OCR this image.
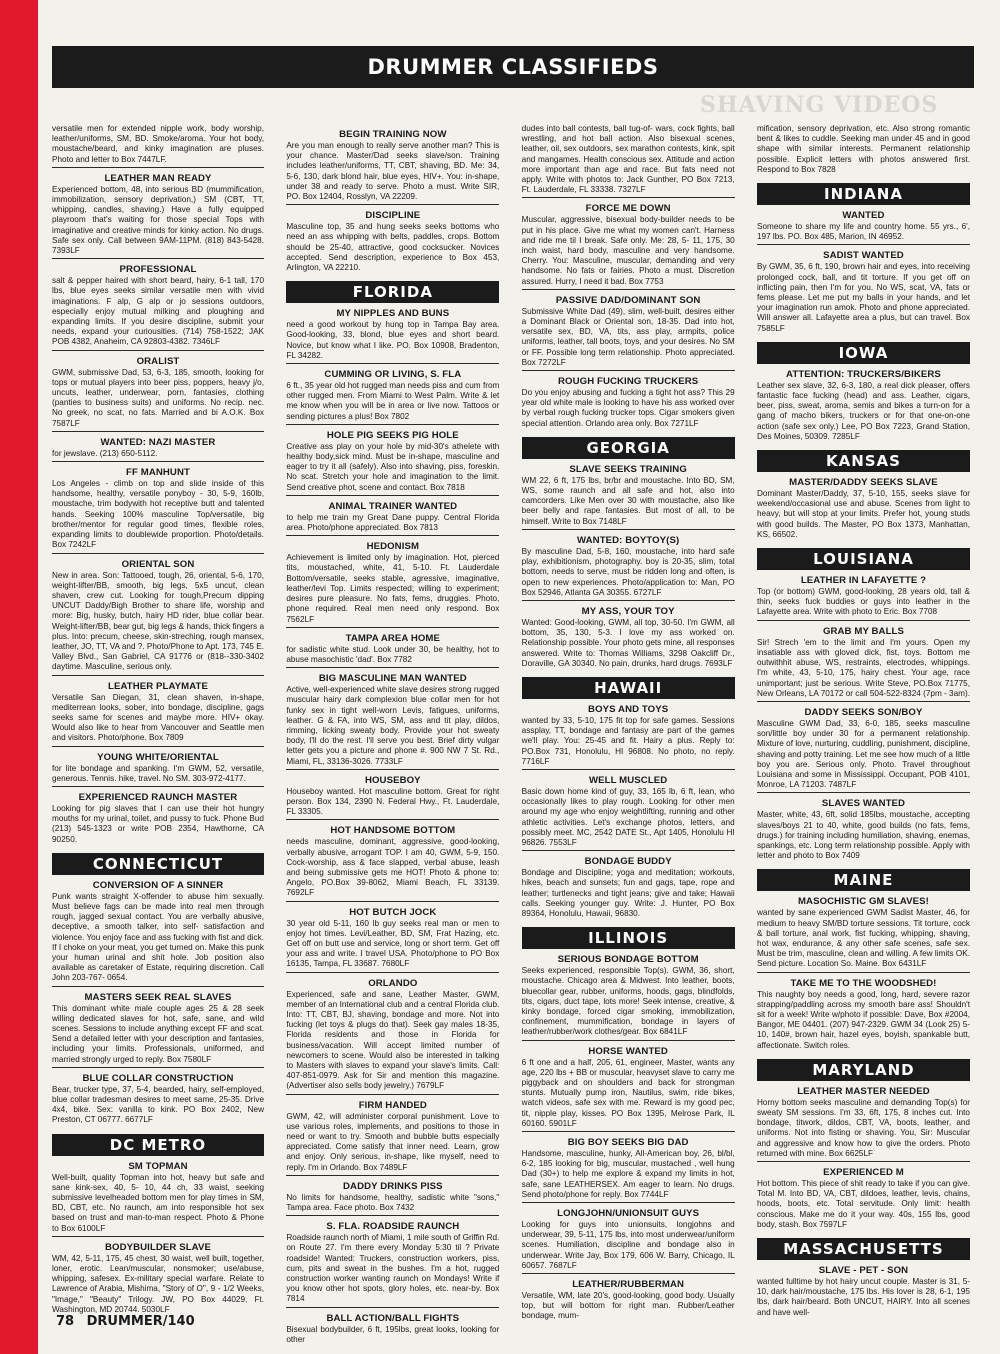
SHAVING VIDEOS
DRUMMER CLASSIFIEDS
versatile men for extended nipple work, body worship, leather/uniforms, SM, BD. Smoke/aroma. Your hot body, moustache/beard, and kinky imagination are pluses. Photo and letter to Box 7447LF.
LEATHER MAN READY
Experienced bottom, 48, into serious BD (mummification, immobilization, sensory deprivation,) SM (CBT, TT, whipping, candles, shaving.) Have a fully equipped playroom that's waiting for those special Tops with imaginative and creative minds for kinky action. No drugs. Safe sex only. Call between 9AM-11PM. (818) 843-5428. 7393LF
PROFESSIONAL
salt & pepper haired with short beard, hairy, 6-1 tall, 170 lbs, blue eyes seeks similar versatile men with vivid imaginations. F alp, G alp or jo sessions outdoors, especially enjoy mutual milking and ploughing and expanding limits. If you desire discipline, submit your needs, expand your curiousities. (714) 758-1522; JAK POB 4382, Anaheim, CA 92803-4382. 7346LF
ORALIST
GWM, submissive Dad, 53, 6-3, 185, smooth, looking for tops or mutual players into beer piss, poppers, heavy j/o, uncuts, leather, underwear, porn, fantasies, clothing (panties to business suits) and uniforms. No recip. nec. No greek, no scat, no fats. Married and bi A.O.K. Box 7587LF
WANTED: NAZI MASTER
for jewslave. (213) 650-5112.
FF MANHUNT
Los Angeles - climb on top and slide inside of this handsome, healthy, versatile ponyboy - 30, 5-9, 160lb, moustache, trim bodywith hot receptive butt and talented hands. Seeking 100% masculine Top/versatile, big brother/mentor for regular good times, flexible roles, expanding limits to doublewide proportion. Photo/details. Box 7242LF
ORIENTAL SON
New in area. Son: Tattooed, tough, 26, oriental, 5-6, 170, weight-lifter/BB, smooth, big legs, 5x5 uncut, clean shaven, crew cut. Looking for tough,Precum dipping UNCUT Daddy/Bigh Brother to share life, worship and more: Big, husky, butch, hairy HD rider, blue collar bear. Weight-lifter/BB, bear gut, big legs & hands, thick fingers a plus. Into: precum, cheese, skin-streching, rough mansex, leather, JO, TT, VA and ?. Photo/Phone to Apt. 173, 745 E. Valley Blvd., San Gabriel, CA 91776 or (818--330-3402 daytime. Masculine, serious only.
LEATHER PLAYMATE
Versatile San Diegan, 31, clean shaven, in-shape, mediterrean looks, sober, into bondage, discipline, gags seeks same for scenes and maybe more. HIV+ okay. Would also like to hear from Vancouver and Seattle men and visitors. Photo/phone. Box 7809
YOUNG WHITE/ORIENTAL
for lite bondage and spanking. I'm GWM, 52, versatile, generous. Tennis. hike, travel. No SM. 303-972-4177.
EXPERIENCED RAUNCH MASTER
Looking for pig slaves that I can use their hot hungry mouths for my urinal, toilet, and pussy to fuck. Phone Bud (213) 545-1323 or write POB 2354, Hawthorne, CA 90250.
CONNECTICUT
CONVERSION OF A SINNER
Punk wants straight X-offender to abuse him sexually. Must believe fags can be made into real men through rough, jagged sexual contact. You are verbally abusive, deceptive, a smooth talker, into self- satisfaction and violence. You enjoy face and ass fucking with fist and dick. If I choke on your meat, you get turned on. Make this punk your human urinal and shit hole. Job position also available as caretaker of Estate, requiring discretion. Call John 203-767- 0654.
MASTERS SEEK REAL SLAVES
This dominant white male couple ages 25 & 28 seek willing dedicated slaves for hot, safe, sane, and wild scenes. Sessions to include anything except FF and scat. Send a detailed letter with your description and fantasies, including your limits. Professionals, uniformed, and married strongly urged to reply. Box 7580LF
BLUE COLLAR CONSTRUCTION
Bear, trucker type, 37, 5-4, bearded, hairy, self-employed, blue collar tradesman desires to meet same, 25-35. Drive 4x4, bike. Sex: vanilla to kink. PO Box 2402, New Preston, CT 06777. 6677LF
DC METRO
SM TOPMAN
Well-built, quality Topman into hot, heavy but safe and sane kink-sex, 40, 5- 10, 44 ch, 33 waist, seeking submissive levelheaded bottom men for play times in SM, BD, CBT, etc. No raunch, am into responsible hot sex based on trust and man-to-man respect. Photo & Phone to Box 6100LF
BODYBUILDER SLAVE
WM, 42, 5-11, 175, 45 chest, 30 waist, well built, together, loner, erotic. Lean/muscular, nonsmoker; use/abuse, whipping, safesex. Ex-military special warfare. Relate to Lawrence of Arabia, Mishima, "Story of O", 9 - 1/2 Weeks, "Image," "Beauty" Trilogy. JW, PO Box 44029, Ft. Washington, MD 20744. 5030LF
BEGIN TRAINING NOW
Are you man enough to really serve another man? This is your chance. Master/Dad seeks slave/son. Training includes leather/uniforms, TT, CBT, shaving, BD. Me: 34, 5-6, 130, dark blond hair, blue eyes, HIV+. You: in-shape, under 38 and ready to serve. Photo a must. Write SIR, PO. Box 12404, Rosslyn, VA 22209.
DISCIPLINE
Masculine top, 35 and hung seeks seeks bottoms who need an ass whipping with belts, paddles, crops. Bottom should be 25-40, attractive, good cocksucker. Novices accepted. Send description, experience to Box 453, Arlington, VA 22210.
FLORIDA
MY NIPPLES AND BUNS
need a good workout by hung top in Tampa Bay area. Good-looking, 33, blond, blue eyes and short beard. Novice, but know what I like. PO. Box 10908, Bradenton, FL 34282.
CUMMING OR LIVING, S. FLA
6 ft., 35 year old hot rugged man needs piss and cum from other rugged men. From Miami to West Palm. Write & let me know when you will be in area or live now. Tattoos or sending pictures a plus! Box 7802
HOLE PIG SEEKS PIG HOLE
Creative ass play on your hole by mid-30's athelete with healthy body,sick mind. Must be in-shape, masculine and eager to try it all (safely). Also into shaving, piss, foreskin. No scat. Stretch your hole and imagination to the limit. Send creative phot, scene and contact. Box 7818
ANIMAL TRAINER WANTED
to help me train my Great Dane puppy. Central Florida area. Photo/phone appreciated. Box 7813
HEDONISM
Achievement is limited only by imagination. Hot, pierced tits, moustached, white, 41, 5-10. Ft. Lauderdale Bottom/versatile, seeks stable, agressive, imaginative, leather/levi Top. Limits respected; willing to experiment; desires pure pleasure. No fats, fems, druggies. Photo, phone required. Real men need only respond. Box 7562LF
TAMPA AREA HOME
for sadistic white stud. Look under 30, be healthy, hot to abuse masochistic 'dad'. Box 7782
BIG MASCULINE MAN WANTED
Active, well-experienced white slave desires strong rugged muscular hairy dark complexion blue collar men for hot funky sex in tight well-worn Levis, fatigues, uniforms, leather. G & FA, into WS, SM, ass and tit play, dildos, rimming, licking sweaty body. Provide your hot sweaty body, I'll do the rest. I'll serve you best. Brief dirty vulgar letter gets you a picture and phone #. 900 NW 7 St. Rd., Miami, FL, 33136-3026. 7733LF
HOUSEBOY
Houseboy wanted. Hot masculine bottom. Great for right person. Box 134, 2390 N. Federal Hwy., Ft. Lauderdale, FL 33305.
HOT HANDSOME BOTTOM
needs masculine, dominant, aggressive, good-looking, verbally abusive, arrogant TOP. I am 40, GWM, 5-9, 150. Cock-worship, ass & face slapped, verbal abuse, leash and being submissive gets me HOT! Photo & phone to: Angelo, PO.Box 39-8062, Miami Beach, FL 33139. 7692LF
HOT BUTCH JOCK
30 year old 5-11, 160 lb guy seeks real man or men to enjoy hot times. Levi/Leather, BD, SM, Frat Hazing, etc. Get off on butt use and service, long or short term. Get off your ass and write. I travel USA. Photo/phone to PO Box 16135, Tampa, FL 33687. 7680LF
ORLANDO
Experienced, safe and sane, Leather Master, GWM, member of an International club and a central Florida club. Into: TT, CBT, BJ, shaving, bondage and more. Not into fucking (let toys & plugs do that). Seek gay males 18-35, Florida residents and those in Florida for business/vacation. Will accept limited number of newcomers to scene. Would also be interested in talking to Masters with slaves to expand your slave's limits. Call: 407-851-0979. Ask for Sir and mention this magazine. (Advertiser also sells body jewelry.) 7679LF
FIRM HANDED
GWM, 42, will administer corporal punishment. Love to use various roles, implements, and positions to those in need or want to try. Smooth and bubble butts especially appreciated. Come satisfy that inner need. Learn, grow and enjoy. Only serious, in-shape, like myself, need to reply. I'm in Orlando. Box 7489LF
DADDY DRINKS PISS
No limits for handsome, healthy, sadistic white "sons," Tampa area. Face photo. Box 7432
S. FLA. ROADSIDE RAUNCH
Roadside raunch north of Miami, 1 mile south of Griffin Rd. on Route 27. I'm there every Monday 5:30 til ? Private roadside! Wanted: Truckers, construction workers, piss, cum, pits and sweat in the bushes. I'm a hot, rugged construction worker wanting raunch on Mondays! Write if you know other hot spots, glory holes, etc. near-by. Box 7814
BALL ACTION/BALL FIGHTS
Bisexual bodybuilder, 6 ft, 195lbs, great looks, looking for other
dudes into ball contests, ball tug-of- wars, cock fights, ball wrestling, and hot ball action. Also bisexual scenes, leather, oil, sex outdoors, sex marathon contests, kink, spit and mangames. Health conscious sex. Attitude and action more important than age and race. But fats need not apply. Write with photos to: Jack Gunther, PO Box 7213, Ft. Lauderdale, FL 33338. 7327LF
FORCE ME DOWN
Muscular, aggressive, bisexual body-builder needs to be put in his place. Give me what my women can't. Harness and ride me til I break. Safe only. Me: 28, 5- 11, 175, 30 inch waist, hard body, masculine and very handsome. Cherry. You: Masculine, muscular, demanding and very handsome. No fats or fairies. Photo a must. Discretion assured. Hurry, I need it bad. Box 7753
PASSIVE DAD/DOMINANT SON
Submissive White Dad (49), slim, well-built, desires either a Dominant Black or Oriental son, 18-35. Dad into hot, versatile sex, BD, VA, tits, ass play, armpits, police uniforms, leather, tall boots, toys, and your desires. No SM or FF. Possible long term relationship. Photo appreciated. Box 7272LF
ROUGH FUCKING TRUCKERS
Do you enjoy abusing and fucking a tight hot ass? This 29 year old white male is looking to have his ass worked over by verbal rough fucking trucker tops. Cigar smokers given special attention. Orlando area only. Box 7271LF
GEORGIA
SLAVE SEEKS TRAINING
WM 22, 6 ft, 175 lbs, br/br and moustache. Into BD, SM, WS, some raunch and all safe and hot, also into camcorders. Like Men over 30 with moustache, also like beer belly and rape fantasies. But most of all, to be himself. Write to Box 7148LF
WANTED: BOYTOY(S)
By masculine Dad, 5-8, 160, moustache, into hard safe play, exhibitionism, photography. boy is 20-35, slim, total bottom, needs to serve, must be ridden long and often, is open to new experiences. Photo/application to: Man, PO Box 52946, Atlanta GA 30355. 6727LF
MY ASS, YOUR TOY
Wanted: Good-looking, GWM, all top, 30-50. I'm GWM, all bottom, 35, 130, 5-3. I love my ass worked on. Relationship possible. Your photo gets mine, all responses answered. Write to: Thomas Williams, 3298 Oakcliff Dr., Doraville, GA 30340. No pain, drunks, hard drugs. 7693LF
HAWAII
BOYS AND TOYS
wanted by 33, 5-10, 175 fit top for safe games. Sessions assplay, TT, bondage and fantasy are part of the games we'll play. You: 25-45 and fit. Hairy a plus. Reply to: PO.Box 731, Honolulu, HI 96808. No photo, no reply. 7716LF
WELL MUSCLED
Basic down home kind of guy, 33, 165 lb, 6 ft, lean, who occasionally likes to play rough. Looking for other men around my age who enjoy weightlifting, running and other athletic activities. Let's exchange photos, letters, and possibly meet. MC, 2542 DATE St., Apt 1405, Honolulu HI 96826. 7553LF
BONDAGE BUDDY
Bondage and Discipline; yoga and meditation; workouts, hikes, beach and sunsets; fun and gags, tape, rope and leather; turtlenecks and tight jeans; give and take; Hawaii calls. Seeking younger guy. Write: J. Hunter, PO Box 89364, Honolulu, Hawaii, 96830.
ILLINOIS
SERIOUS BONDAGE BOTTOM
Seeks experienced, responsible Top(s). GWM, 36, short, moustache. Chicago area & Midwest. Into leather, boots, bluecollar gear, rubber, uniforms, hoods, gags, blindfolds, tits, cigars, duct tape, lots more! Seek intense, creative, & kinky bondage, forced cigar smoking, immobilization, confinement, mummification, bondage in layers of leather/rubber/work clothes/gear. Box 6841LF
HORSE WANTED
6 ft one and a half, 205, 61, engineer, Master, wants any age, 220 lbs + BB or muscular, heavyset slave to carry me piggyback and on shoulders and back for strongman stunts. Mutually pump iron, Nautilus, swim, ride bikes, watch videos, safe sex with me. Reward is my good pec, tit, nipple play, kisses. PO Box 1395, Melrose Park, IL 60160. 5901LF
BIG BOY SEEKS BIG DAD
Handsome, masculine, hunky, All-American boy, 26, bl/bl, 6-2, 185 looking for big, muscular, mustached , well hung Dad (30+) to help me explore & expand my limits in hot, safe, sane LEATHERSEX. Am eager to learn. No drugs. Send photo/phone for reply. Box 7744LF
LONGJOHN/UNIONSUIT GUYS
Looking for guys into unionsuits, longjohns and underwear, 39, 5-11, 175 lbs, into most underwear/uniform scenes. Humiliation, discipline and bondage also in underwear. Write Jay, Box 179, 606 W. Barry, Chicago, IL 60657. 7687LF
LEATHER/RUBBERMAN
Versatile, WM, late 20's, good-looking, good body. Usually top, but will bottom for right man. Rubber/Leather bondage, mum-
mification, sensory deprivation, etc. Also strong romantic bent & likes to cuddle. Seeking man under 45 and in good shape with similar interests. Permanent relationship possible. Explicit letters with photos answered first. Respond to Box 7828
INDIANA
WANTED
Someone to share my life and country home. 55 yrs., 6', 197 lbs. PO. Box 485, Marion, IN 46952.
SADIST WANTED
By GWM, 35, 6 ft, 190, brown hair and eyes, into receiving prolonged cock, ball, and tit torture. If you get off on inflicting pain, then I'm for you. No WS, scat, VA, fats or fems please. Let me put my balls in your hands, and let your imagination run amok. Photo and phone appreciated. Will answer all. Lafayette area a plus, but can travel. Box 7585LF
IOWA
ATTENTION: TRUCKERS/BIKERS
Leather sex slave, 32, 6-3, 180, a real dick pleaser, offers fantastic face fucking (head) and ass. Leather, cigars, beer, piss, sweat, aroma, semis and bikes a turn-on for a gang of macho bikers, truckers or for that one-on-one action (safe sex only.) Lee, PO Box 7223, Grand Station, Des Moines, 50309. 7285LF
KANSAS
MASTER/DADDY SEEKS SLAVE
Dominant Master/Daddy, 37, 5-10, 155, seeks slave for weekend/occasional use and abuse. Scenes from light to heavy, but will stop at your limits. Prefer hot, young studs with good builds. The Master, PO Box 1373, Manhattan, KS, 66502.
LOUISIANA
LEATHER IN LAFAYETTE ?
Top (or bottom) GWM, good-looking, 28 years old, tall & thin, seeks fuck buddies or guys into leather in the Lafayette area. Write with photo to Eric. Box 7708
GRAB MY BALLS
Sir! Strech 'em to the limit and I'm yours. Open my insatiable ass with gloved dick, fist, toys. Bottom me outwithhit abuse, WS, restraints, electrodes, whippings. I'm white, 43, 5-10, 175, hairy chest. Your age, race unimportant; just be serious. Write Steve, PO.Box 71775, New Orleans, LA 70172 or call 504-522-8324 (7pm - 3am).
DADDY SEEKS SON/BOY
Masculine GWM Dad, 33, 6-0, 185, seeks masculine son/little boy under 30 for a permanent relationship. Mixture of love, nurturing, cuddling, punishment, discipline, shaving and potty training. Let me see how much of a little boy you are. Serious only. Photo. Travel throughout Louisiana and some in Mississippi. Occupant, POB 4101, Monroe, LA 71203. 7487LF
SLAVES WANTED
Master, white, 43, 6ft, solid 185lbs, moustache, accepting slaves/boys 21 to 40, white, good builds (no fats, fems, drugs.) for training including humiliation, shaving, enemas, spankings, etc. Long term relationship possible. Apply with letter and photo to Box 7409
MAINE
MASOCHISTIC GM SLAVES!
wanted by sane experienced GWM Sadist Master, 46, for medium to heavy SM/BD torture sessions. Tit torture, cock & ball torture, anal work, fist fucking, whipping, shaving, hot wax, endurance, & any other safe scenes, safe sex. Must be trim, masculine, clean and willing. A few limits OK. Send picture. Location So. Maine. Box 6431LF
TAKE ME TO THE WOODSHED!
This naughty boy needs a good, long, hard, severe razor strapping/paddling across my smooth bare ass! Shouldn't sit for a week! Write w/photo if possible: Dave, Box #2004, Bangor, ME 04401. (207) 947-2329. GWM 34 (Look 25) 5-10, 140#, brown hair, hazel eyes, boyish, spankable butt, affectionate. Switch roles.
MARYLAND
LEATHER MASTER NEEDED
Horny bottom seeks masculine and demanding Top(s) for sweaty SM sessions. I'm 33, 6ft, 175, 8 inches cut. Into bondage, titwork, dildos, CBT, VA, boots, leather, and uniforms. Not into fisting or shaving. You, Sir: Muscular and aggressive and know how to give the orders. Photo returned with mine. Box 6625LF
EXPERIENCED M
Hot bottom. This piece of shit ready to take if you can give. Total M. Into BD, VA, CBT, dildoes, leather, levis, chains, hoods, boots, etc. Total servitude. Only limit: health conscious. Make me do it your way. 40s, 155 lbs, good body, stash. Box 7597LF
MASSACHUSETTS
SLAVE - PET - SON
wanted fulltime by hot hairy uncut couple. Master is 31, 5-10, dark hair/moustache, 175 lbs. His lover is 28, 6-1, 195 lbs, dark hair/beard. Both UNCUT, HAIRY. Into all scenes and have well-
78 DRUMMER/140
